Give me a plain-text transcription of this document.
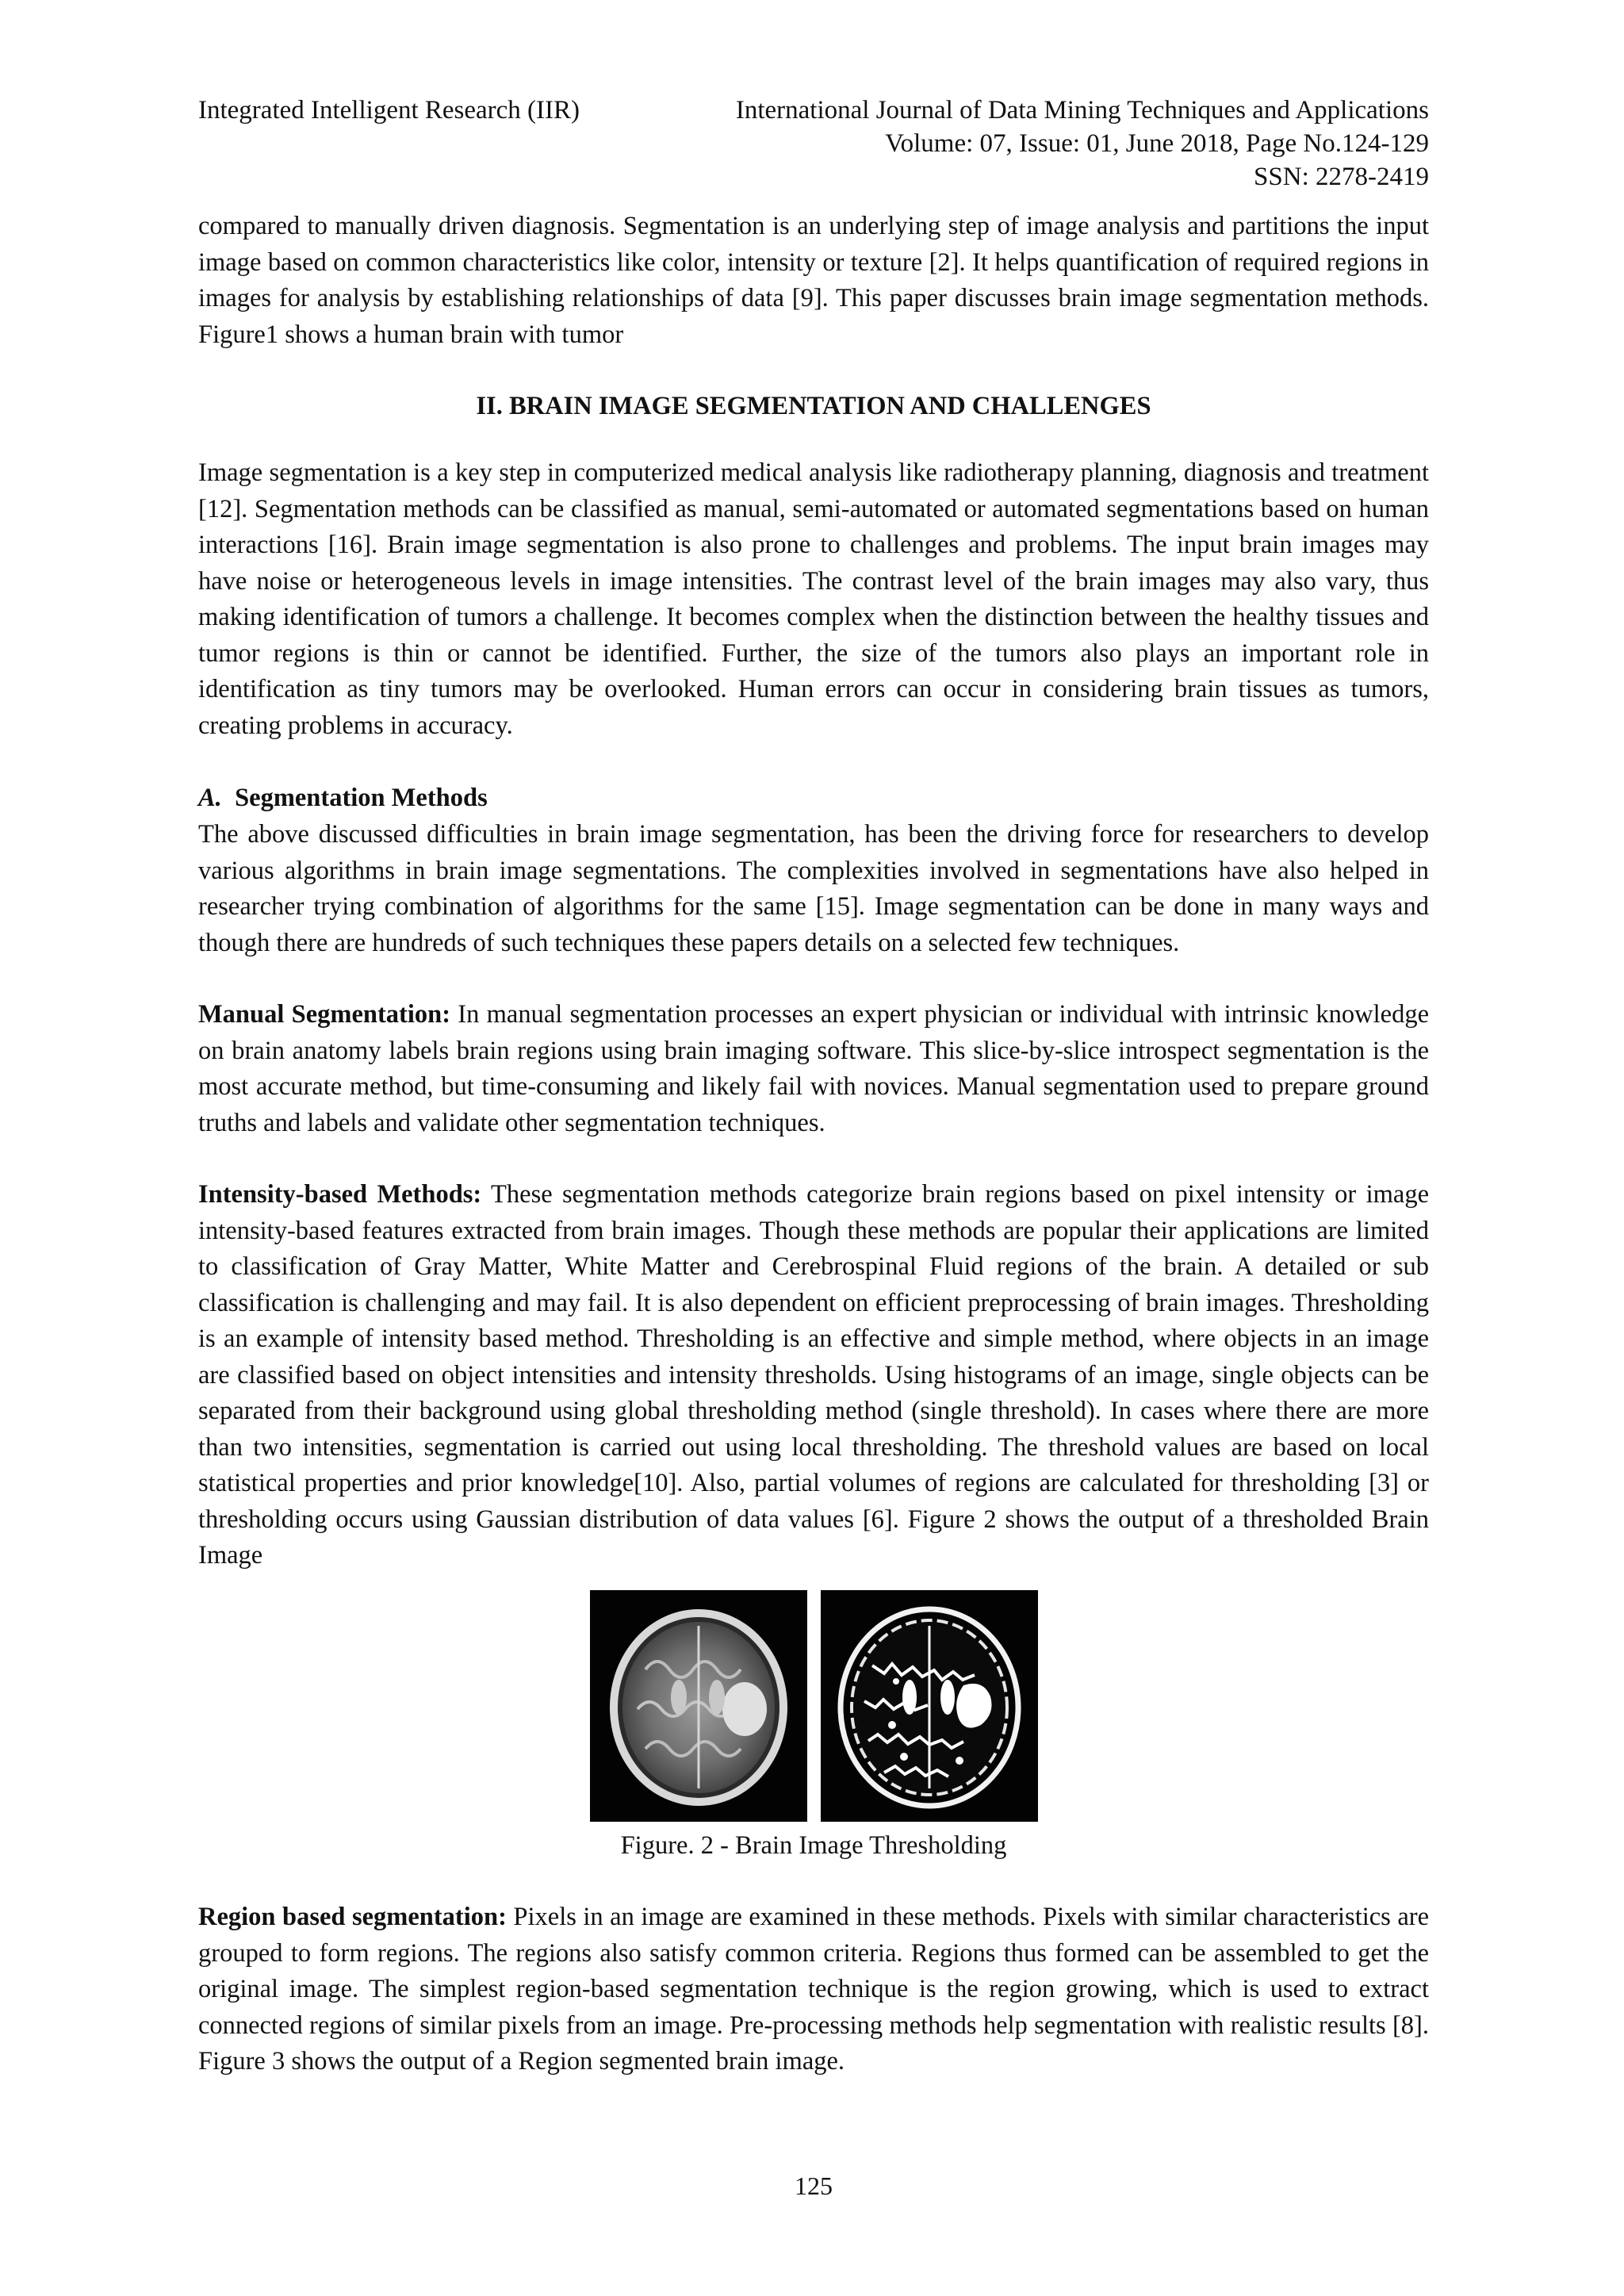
Integrated Intelligent Research (IIR)	International Journal of Data Mining Techniques and Applications
Volume: 07, Issue: 01, June 2018, Page No.124-129
SSN: 2278-2419

compared to manually driven diagnosis. Segmentation is an underlying step of image analysis and partitions the input image based on common characteristics like color, intensity or texture [2]. It helps quantification of required regions in images for analysis by establishing relationships of data [9]. This paper discusses brain image segmentation methods. Figure1 shows a human brain with tumor

II. BRAIN IMAGE SEGMENTATION AND CHALLENGES

Image segmentation is a key step in computerized medical analysis like radiotherapy planning, diagnosis and treatment [12]. Segmentation methods can be classified as manual, semi-automated or automated segmentations based on human interactions [16]. Brain image segmentation is also prone to challenges and problems. The input brain images may have noise or heterogeneous levels in image intensities. The contrast level of the brain images may also vary, thus making identification of tumors a challenge. It becomes complex when the distinction between the healthy tissues and tumor regions is thin or cannot be identified. Further, the size of the tumors also plays an important role in identification as tiny tumors may be overlooked. Human errors can occur in considering brain tissues as tumors, creating problems in accuracy.

A. Segmentation Methods

The above discussed difficulties in brain image segmentation, has been the driving force for researchers to develop various algorithms in brain image segmentations. The complexities involved in segmentations have also helped in researcher trying combination of algorithms for the same [15]. Image segmentation can be done in many ways and though there are hundreds of such techniques these papers details on a selected few techniques.

Manual Segmentation: In manual segmentation processes an expert physician or individual with intrinsic knowledge on brain anatomy labels brain regions using brain imaging software. This slice-by-slice introspect segmentation is the most accurate method, but time-consuming and likely fail with novices. Manual segmentation used to prepare ground truths and labels and validate other segmentation techniques.

Intensity-based Methods: These segmentation methods categorize brain regions based on pixel intensity or image intensity-based features extracted from brain images. Though these methods are popular their applications are limited to classification of Gray Matter, White Matter and Cerebrospinal Fluid regions of the brain. A detailed or sub classification is challenging and may fail. It is also dependent on efficient preprocessing of brain images. Thresholding is an example of intensity based method. Thresholding is an effective and simple method, where objects in an image are classified based on object intensities and intensity thresholds. Using histograms of an image, single objects can be separated from their background using global thresholding method (single threshold). In cases where there are more than two intensities, segmentation is carried out using local thresholding. The threshold values are based on local statistical properties and prior knowledge[10]. Also, partial volumes of regions are calculated for thresholding [3] or thresholding occurs using Gaussian distribution of data values [6]. Figure 2 shows the output of a thresholded Brain Image

Figure. 2 - Brain Image Thresholding

Region based segmentation: Pixels in an image are examined in these methods. Pixels with similar characteristics are grouped to form regions. The regions also satisfy common criteria. Regions thus formed can be assembled to get the original image. The simplest region-based segmentation technique is the region growing, which is used to extract connected regions of similar pixels from an image. Pre-processing methods help segmentation with realistic results [8]. Figure 3 shows the output of a Region segmented brain image.

125
